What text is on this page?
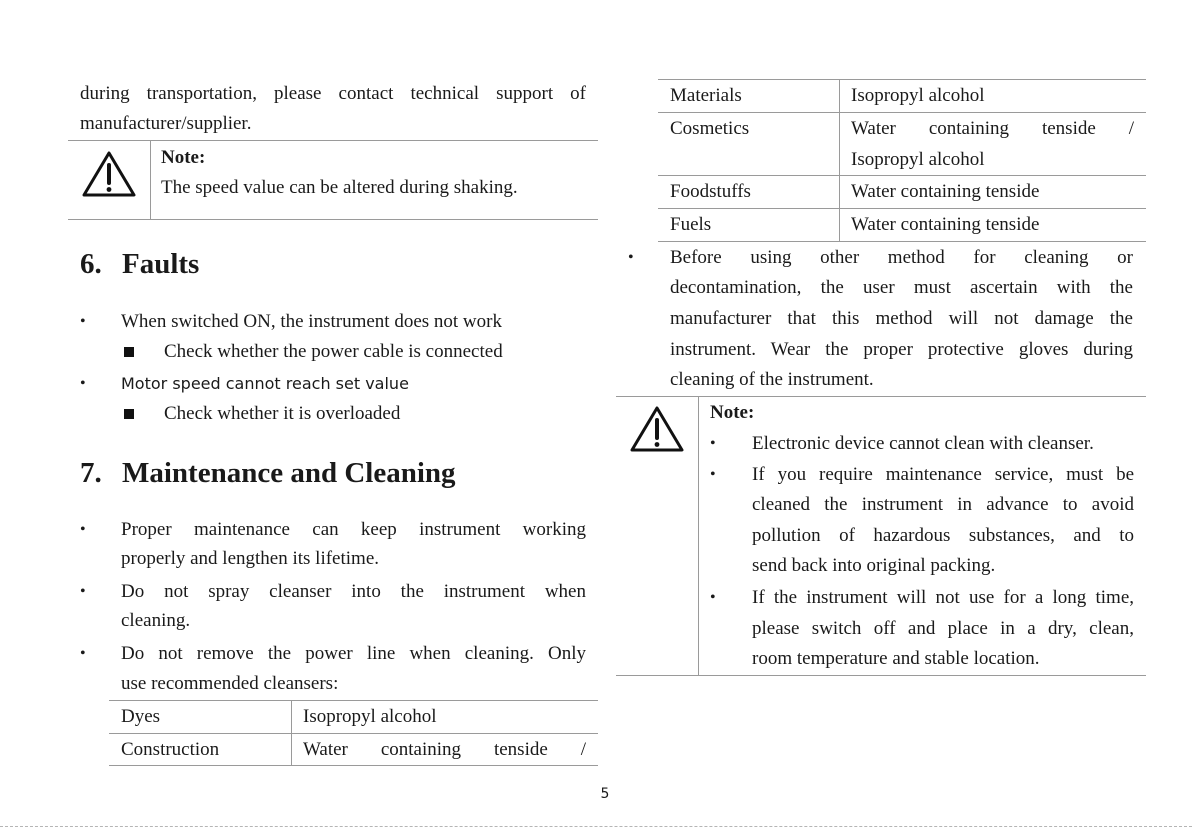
during transportation, please contact technical support of
manufacturer/supplier.
Note:
The speed value can be altered during shaking.
6. Faults
• When switched ON, the instrument does not work
Check whether the power cable is connected
• Motor speed cannot reach set value
Check whether it is overloaded
7. Maintenance and Cleaning
• Proper maintenance can keep instrument working
properly and lengthen its lifetime.
• Do not spray cleanser into the instrument when
cleaning.
• Do not remove the power line when cleaning. Only
use recommended cleansers:
Dyes	Isopropyl alcohol
Construction	Water containing tenside /
Materials	Isopropyl alcohol
Cosmetics	Water containing tenside /
Isopropyl alcohol
Foodstuffs	Water containing tenside
Fuels	Water containing tenside
• Before using other method for cleaning or
decontamination, the user must ascertain with the
manufacturer that this method will not damage the
instrument. Wear the proper protective gloves during
cleaning of the instrument.
Note:
• Electronic device cannot clean with cleanser.
• If you require maintenance service, must be
cleaned the instrument in advance to avoid
pollution of hazardous substances, and to
send back into original packing.
• If the instrument will not use for a long time,
please switch off and place in a dry, clean,
room temperature and stable location.
5
